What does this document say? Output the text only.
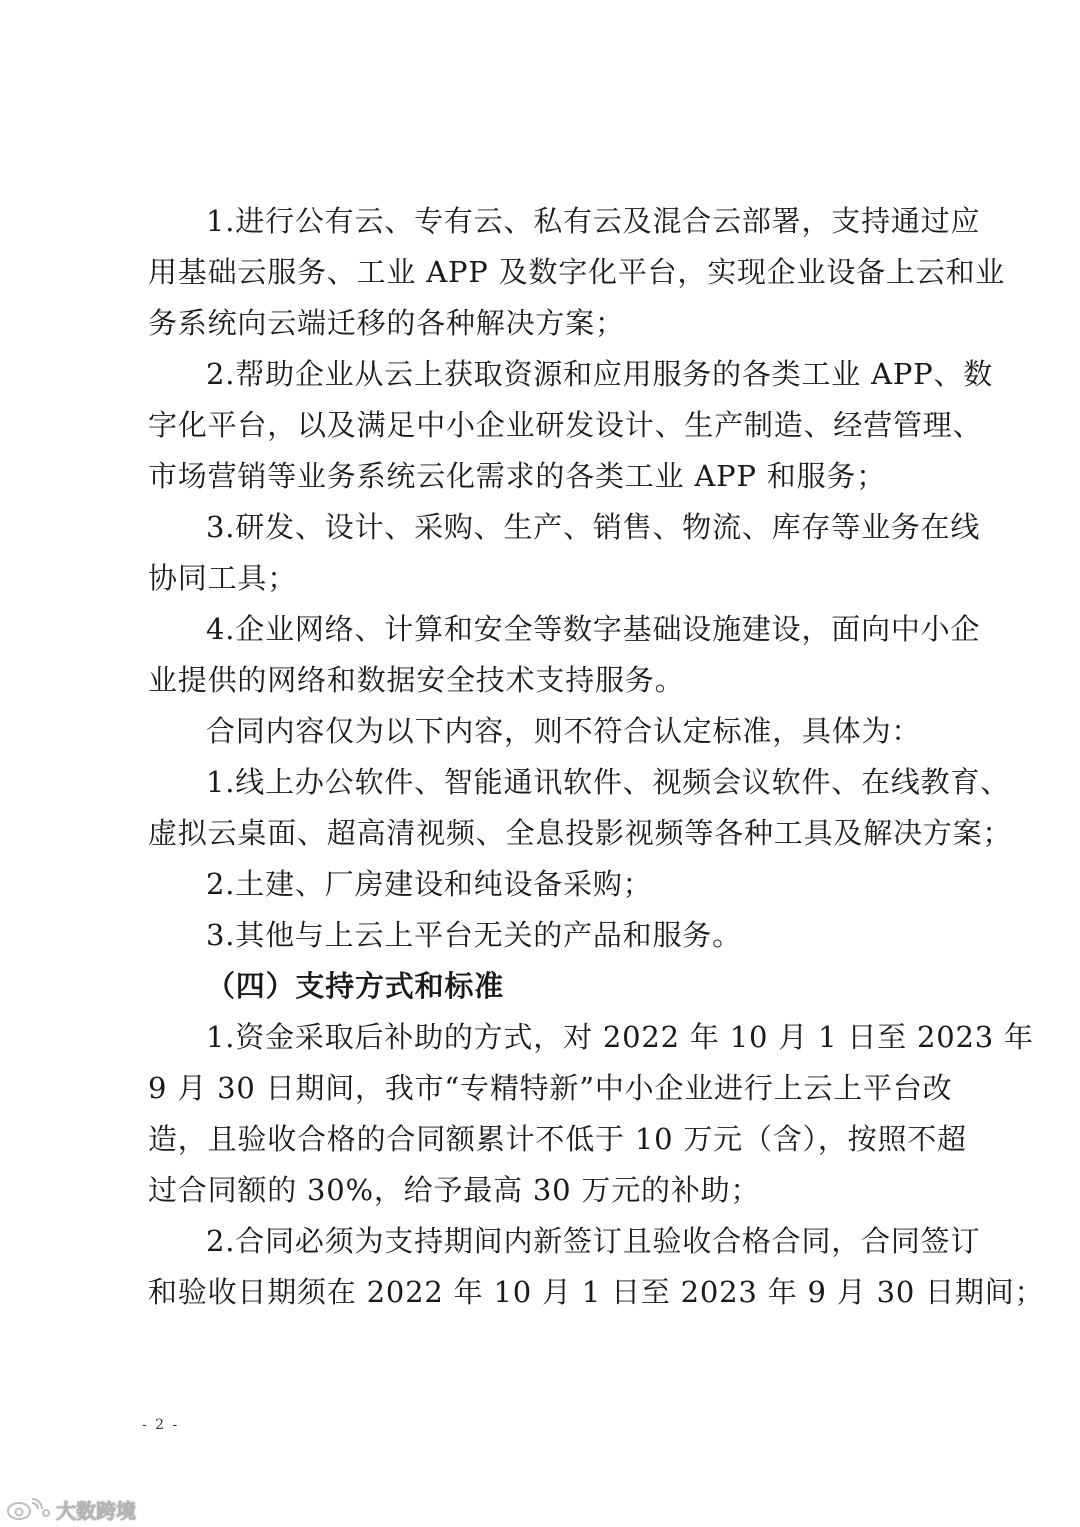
1.进行公有云、专有云、私有云及混合云部署，支持通过应
用基础云服务、工业 APP 及数字化平台，实现企业设备上云和业
务系统向云端迁移的各种解决方案；
2.帮助企业从云上获取资源和应用服务的各类工业 APP、数
字化平台，以及满足中小企业研发设计、生产制造、经营管理、
市场营销等业务系统云化需求的各类工业 APP 和服务；
3.研发、设计、采购、生产、销售、物流、库存等业务在线
协同工具；
4.企业网络、计算和安全等数字基础设施建设，面向中小企
业提供的网络和数据安全技术支持服务。
合同内容仅为以下内容，则不符合认定标准，具体为：
1.线上办公软件、智能通讯软件、视频会议软件、在线教育、
虚拟云桌面、超高清视频、全息投影视频等各种工具及解决方案；
2.土建、厂房建设和纯设备采购；
3.其他与上云上平台无关的产品和服务。
（四）支持方式和标准
1.资金采取后补助的方式，对 2022 年 10 月 1 日至 2023 年
9 月 30 日期间，我市“专精特新”中小企业进行上云上平台改
造，且验收合格的合同额累计不低于 10 万元（含），按照不超
过合同额的 30%，给予最高 30 万元的补助；
2.合同必须为支持期间内新签订且验收合格合同，合同签订
和验收日期须在 2022 年 10 月 1 日至 2023 年 9 月 30 日期间；
- 2 -
大数跨境
